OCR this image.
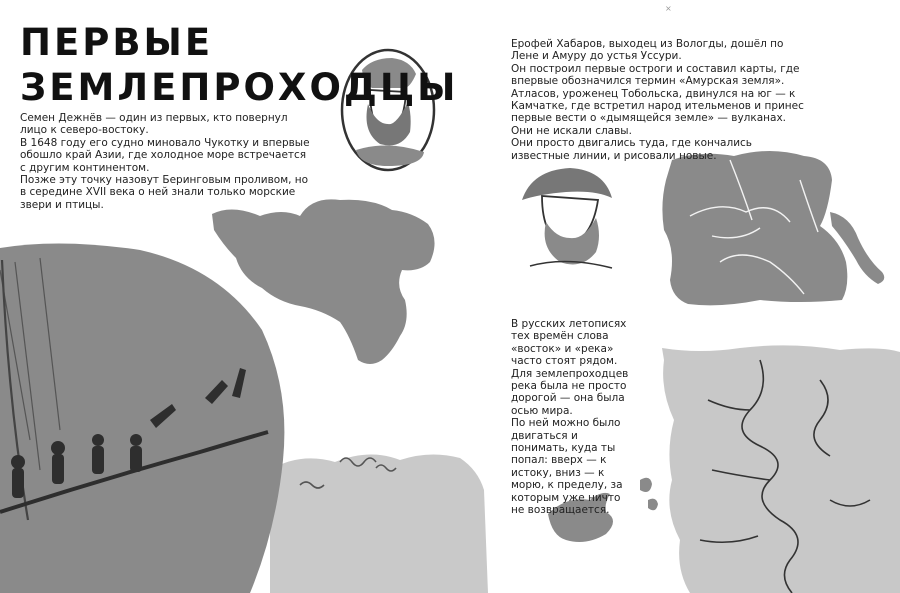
ПЕРВЫЕ
ЗЕМЛЕПРОХОДЦЫ

Семен Дежнёв — один из первых, кто повернул лицо к северо-востоку.

В 1648 году его судно миновало Чукотку и впервые обошло край Азии, где холодное море встречается с другим континентом.

Позже эту точку назовут Беринговым проливом, но в середине XVII века о ней знали только морские звери и птицы.

Ерофей Хабаров, выходец из Вологды, дошёл по Лене и Амуру до устья Уссури.

Он построил первые остроги и составил карты, где впервые обозначился термин «Амурская земля».

Атласов, уроженец Тобольска, двинулся на юг — к Камчатке, где встретил народ ительменов и принес первые вести о «дымящейся земле» — вулканах.

Они не искали славы.

Они просто двигались туда, где кончались известные линии, и рисовали новые.

В русских летописях тех времён слова «восток» и «река» часто стоят рядом.

Для землепроходцев река была не просто дорогой — она была осью мира.

По ней можно было двигаться и понимать, куда ты попал: вверх — к истоку, вниз — к морю, к пределу, за которым уже ничто не возвращается.

×
